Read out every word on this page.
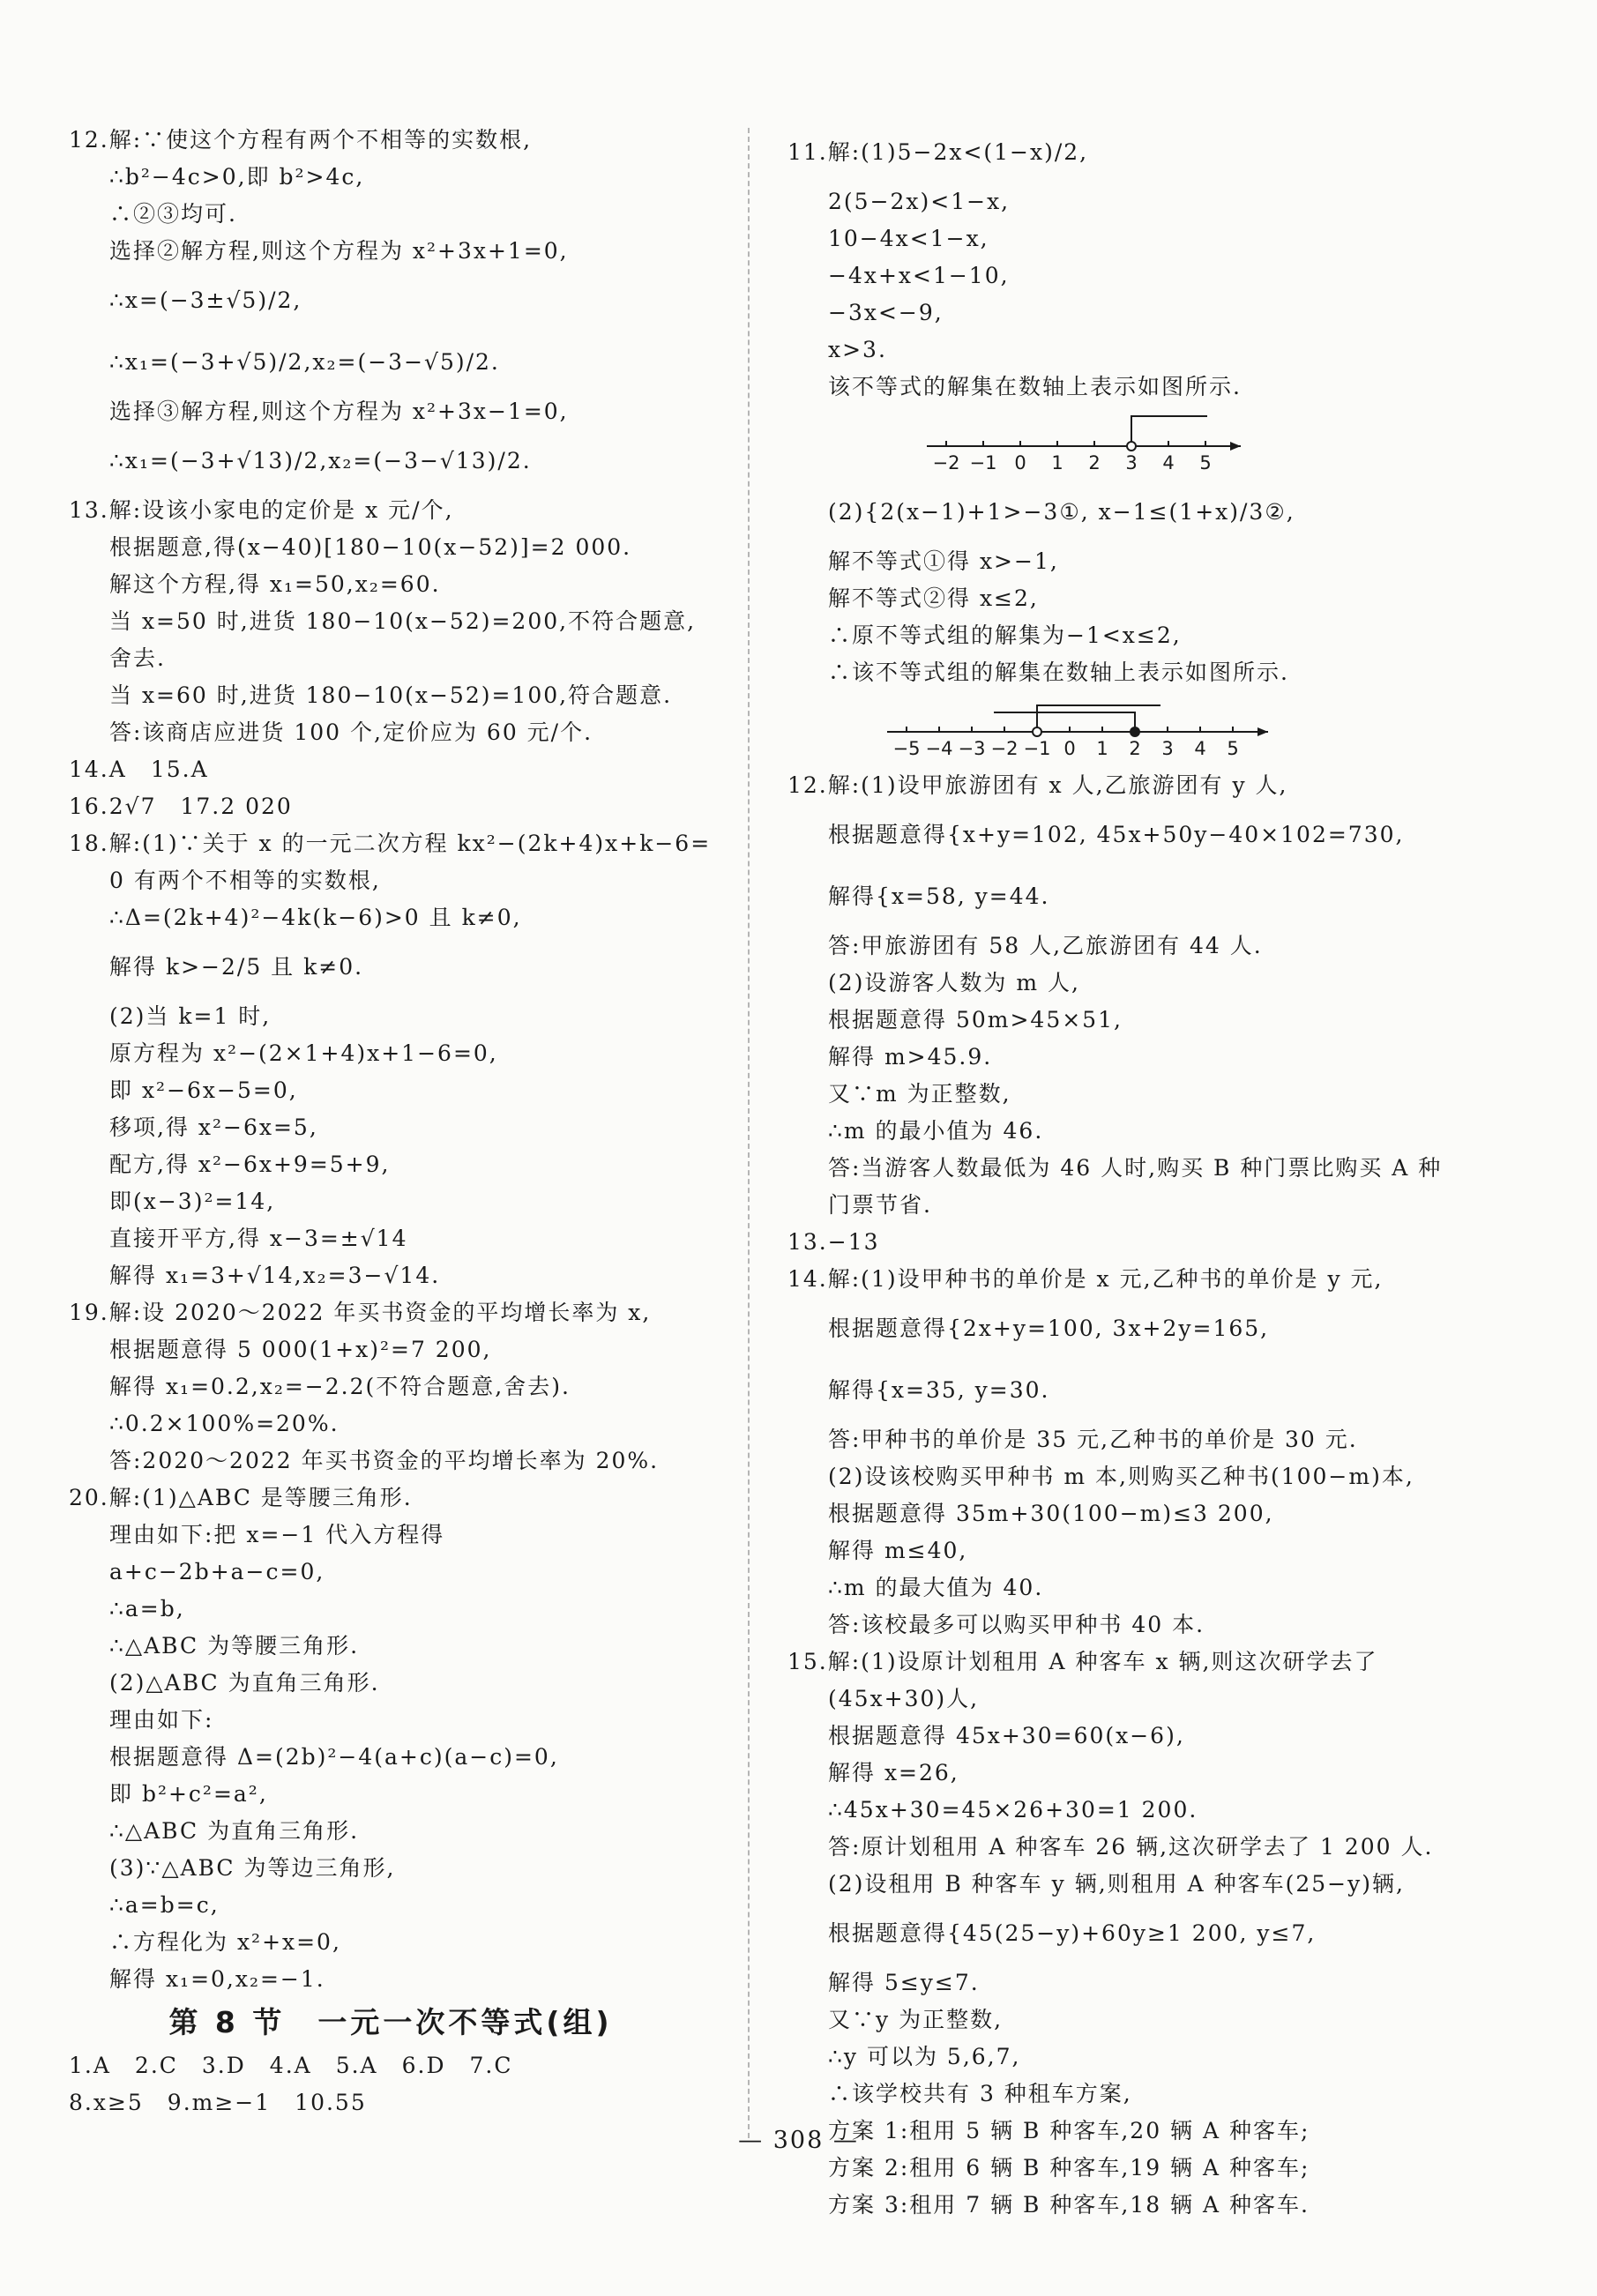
12.解:∵使这个方程有两个不相等的实数根,
∴b²−4c>0,即 b²>4c,
∴②③均可.
选择②解方程,则这个方程为 x²+3x+1=0,
∴x=(−3±√5)/2,
∴x₁=(−3+√5)/2,x₂=(−3−√5)/2.
选择③解方程,则这个方程为 x²+3x−1=0,
∴x₁=(−3+√13)/2,x₂=(−3−√13)/2.
13.解:设该小家电的定价是 x 元/个,
根据题意,得(x−40)[180−10(x−52)]=2 000.
解这个方程,得 x₁=50,x₂=60.
当 x=50 时,进货 180−10(x−52)=200,不符合题意,
舍去.
当 x=60 时,进货 180−10(x−52)=100,符合题意.
答:该商店应进货 100 个,定价应为 60 元/个.
14.A　15.A
16.2√7　17.2 020
18.解:(1)∵关于 x 的一元二次方程 kx²−(2k+4)x+k−6=
0 有两个不相等的实数根,
∴Δ=(2k+4)²−4k(k−6)>0 且 k≠0,
解得 k>−2/5 且 k≠0.
(2)当 k=1 时,
原方程为 x²−(2×1+4)x+1−6=0,
即 x²−6x−5=0,
移项,得 x²−6x=5,
配方,得 x²−6x+9=5+9,
即(x−3)²=14,
直接开平方,得 x−3=±√14
解得 x₁=3+√14,x₂=3−√14.
19.解:设 2020～2022 年买书资金的平均增长率为 x,
根据题意得 5 000(1+x)²=7 200,
解得 x₁=0.2,x₂=−2.2(不符合题意,舍去).
∴0.2×100%=20%.
答:2020～2022 年买书资金的平均增长率为 20%.
20.解:(1)△ABC 是等腰三角形.
理由如下:把 x=−1 代入方程得
a+c−2b+a−c=0,
∴a=b,
∴△ABC 为等腰三角形.
(2)△ABC 为直角三角形.
理由如下:
根据题意得 Δ=(2b)²−4(a+c)(a−c)=0,
即 b²+c²=a²,
∴△ABC 为直角三角形.
(3)∵△ABC 为等边三角形,
∴a=b=c,
∴方程化为 x²+x=0,
解得 x₁=0,x₂=−1.
第 8 节　一元一次不等式(组)
1.A　2.C　3.D　4.A　5.A　6.D　7.C
8.x≥5　9.m≥−1　10.55
11.解:(1)5−2x<(1−x)/2,
2(5−2x)<1−x,
10−4x<1−x,
−4x+x<1−10,
−3x<−9,
x>3.
该不等式的解集在数轴上表示如图所示.
−2 −1 0 1 2 3 4 5
(2){2(x−1)+1>−3①, x−1≤(1+x)/3②,
解不等式①得 x>−1,
解不等式②得 x≤2,
∴原不等式组的解集为−1<x≤2,
∴该不等式组的解集在数轴上表示如图所示.
−5 −4 −3 −2 −1 0 1 2 3 4 5
12.解:(1)设甲旅游团有 x 人,乙旅游团有 y 人,
根据题意得{x+y=102, 45x+50y−40×102=730,
解得{x=58, y=44.
答:甲旅游团有 58 人,乙旅游团有 44 人.
(2)设游客人数为 m 人,
根据题意得 50m>45×51,
解得 m>45.9.
又∵m 为正整数,
∴m 的最小值为 46.
答:当游客人数最低为 46 人时,购买 B 种门票比购买 A 种
门票节省.
13.−13
14.解:(1)设甲种书的单价是 x 元,乙种书的单价是 y 元,
根据题意得{2x+y=100, 3x+2y=165,
解得{x=35, y=30.
答:甲种书的单价是 35 元,乙种书的单价是 30 元.
(2)设该校购买甲种书 m 本,则购买乙种书(100−m)本,
根据题意得 35m+30(100−m)≤3 200,
解得 m≤40,
∴m 的最大值为 40.
答:该校最多可以购买甲种书 40 本.
15.解:(1)设原计划租用 A 种客车 x 辆,则这次研学去了
(45x+30)人,
根据题意得 45x+30=60(x−6),
解得 x=26,
∴45x+30=45×26+30=1 200.
答:原计划租用 A 种客车 26 辆,这次研学去了 1 200 人.
(2)设租用 B 种客车 y 辆,则租用 A 种客车(25−y)辆,
根据题意得{45(25−y)+60y≥1 200, y≤7,
解得 5≤y≤7.
又∵y 为正整数,
∴y 可以为 5,6,7,
∴该学校共有 3 种租车方案,
方案 1:租用 5 辆 B 种客车,20 辆 A 种客车;
方案 2:租用 6 辆 B 种客车,19 辆 A 种客车;
方案 3:租用 7 辆 B 种客车,18 辆 A 种客车.
— 308 —
